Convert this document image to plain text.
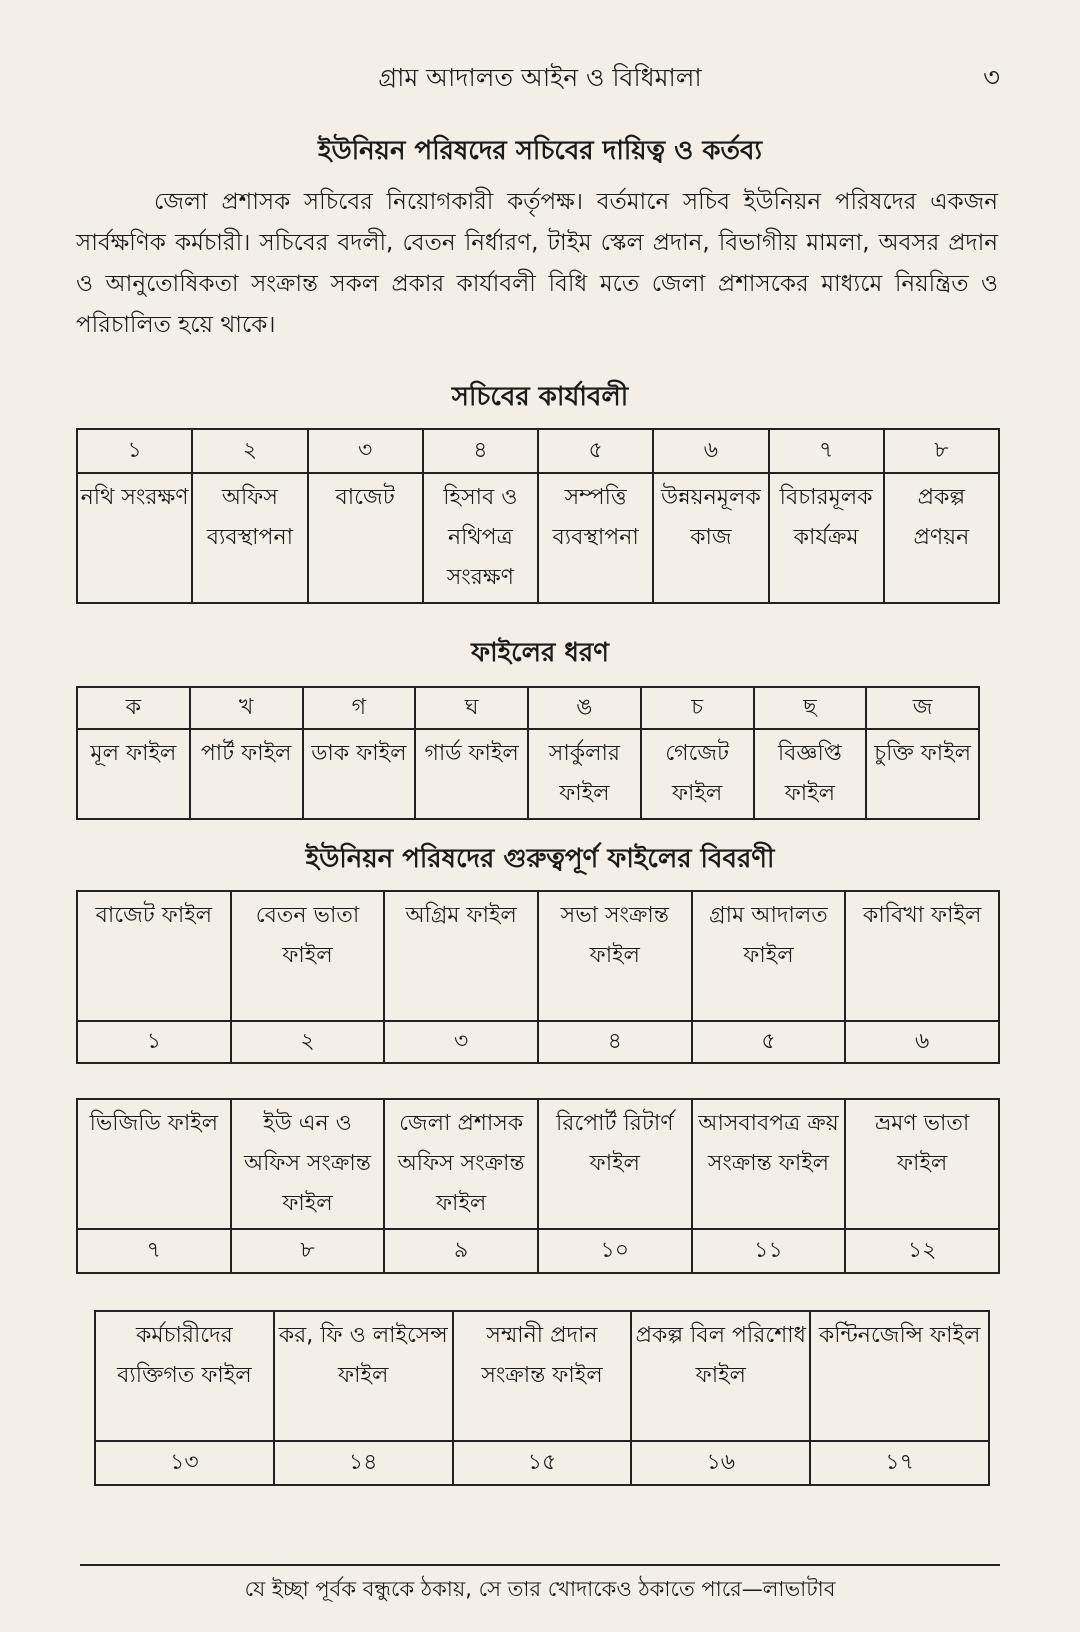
গ্রাম আদালত আইন ও বিধিমালা	৩
ইউনিয়ন পরিষদের সচিবের দায়িত্ব ও কর্তব্য
জেলা প্রশাসক সচিবের নিয়োগকারী কর্তৃপক্ষ। বর্তমানে সচিব ইউনিয়ন পরিষদের একজন সার্বক্ষণিক কর্মচারী। সচিবের বদলী, বেতন নির্ধারণ, টাইম স্কেল প্রদান, বিভাগীয় মামলা, অবসর প্রদান ও আনুতোষিকতা সংক্রান্ত সকল প্রকার কার্যাবলী বিধি মতে জেলা প্রশাসকের মাধ্যমে নিয়ন্ত্রিত ও পরিচালিত হয়ে থাকে।
সচিবের কার্যাবলী
১	২	৩	৪	৫	৬	৭	৮
নথি সংরক্ষণ	অফিস ব্যবস্থাপনা	বাজেট	হিসাব ও নথিপত্র সংরক্ষণ	সম্পত্তি ব্যবস্থাপনা	উন্নয়নমূলক কাজ	বিচারমূলক কার্যক্রম	প্রকল্প প্রণয়ন
ফাইলের ধরণ
ক	খ	গ	ঘ	ঙ	চ	ছ	জ
মূল ফাইল	পার্ট ফাইল	ডাক ফাইল	গার্ড ফাইল	সার্কুলার ফাইল	গেজেট ফাইল	বিজ্ঞপ্তি ফাইল	চুক্তি ফাইল
ইউনিয়ন পরিষদের গুরুত্বপূর্ণ ফাইলের বিবরণী
বাজেট ফাইল	বেতন ভাতা ফাইল	অগ্রিম ফাইল	সভা সংক্রান্ত ফাইল	গ্রাম আদালত ফাইল	কাবিখা ফাইল
১	২	৩	৪	৫	৬
ভিজিডি ফাইল	ইউ এন ও অফিস সংক্রান্ত ফাইল	জেলা প্রশাসক অফিস সংক্রান্ত ফাইল	রিপোর্ট রিটার্ণ ফাইল	আসবাবপত্র ক্রয় সংক্রান্ত ফাইল	ভ্রমণ ভাতা ফাইল
৭	৮	৯	১০	১১	১২
কর্মচারীদের ব্যক্তিগত ফাইল	কর, ফি ও লাইসেন্স ফাইল	সম্মানী প্রদান সংক্রান্ত ফাইল	প্রকল্প বিল পরিশোধ ফাইল	কন্টিনজেন্সি ফাইল
১৩	১৪	১৫	১৬	১৭
যে ইচ্ছা পূর্বক বন্ধুকে ঠকায়, সে তার খোদাকেও ঠকাতে পারে—লাভাটাব
